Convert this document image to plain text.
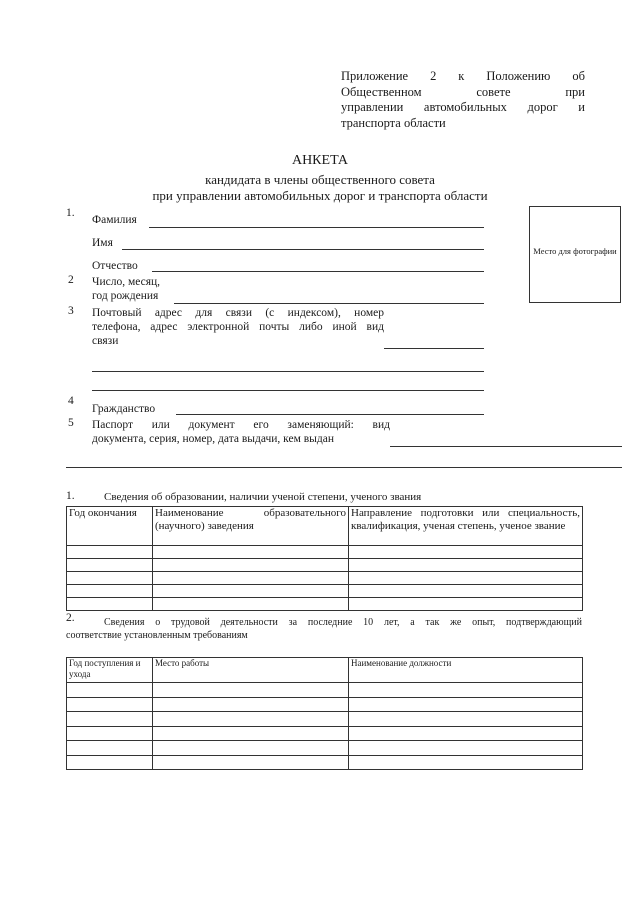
Приложение 2 к Положению об
Общественном совете при
управлении автомобильных дорог и
транспорта области
АНКЕТА
кандидата в члены общественного совета
при управлении автомобильных дорог и транспорта области
Место для фотографии
1.
Фамилия
Имя
Отчество
2 Число, месяц,
год рождения
3 Почтовый адрес для связи (с индексом), номер
телефона, адрес электронной почты либо иной вид
связи
4
Гражданство
5 Паспорт или документ его заменяющий: вид
документа, серия, номер, дата выдачи, кем выдан
1.	Сведения об образовании, наличии ученой степени, ученого звания
Год окончания	Наименование образовательного (научного) заведения	Направление подготовки или специальность, квалификация, ученая степень, ученое звание

2.	Сведения о трудовой деятельности за последние 10 лет, а так же опыт, подтверждающий
соответствие установленным требованиям
Год поступления и ухода	Место работы	Наименование должности
